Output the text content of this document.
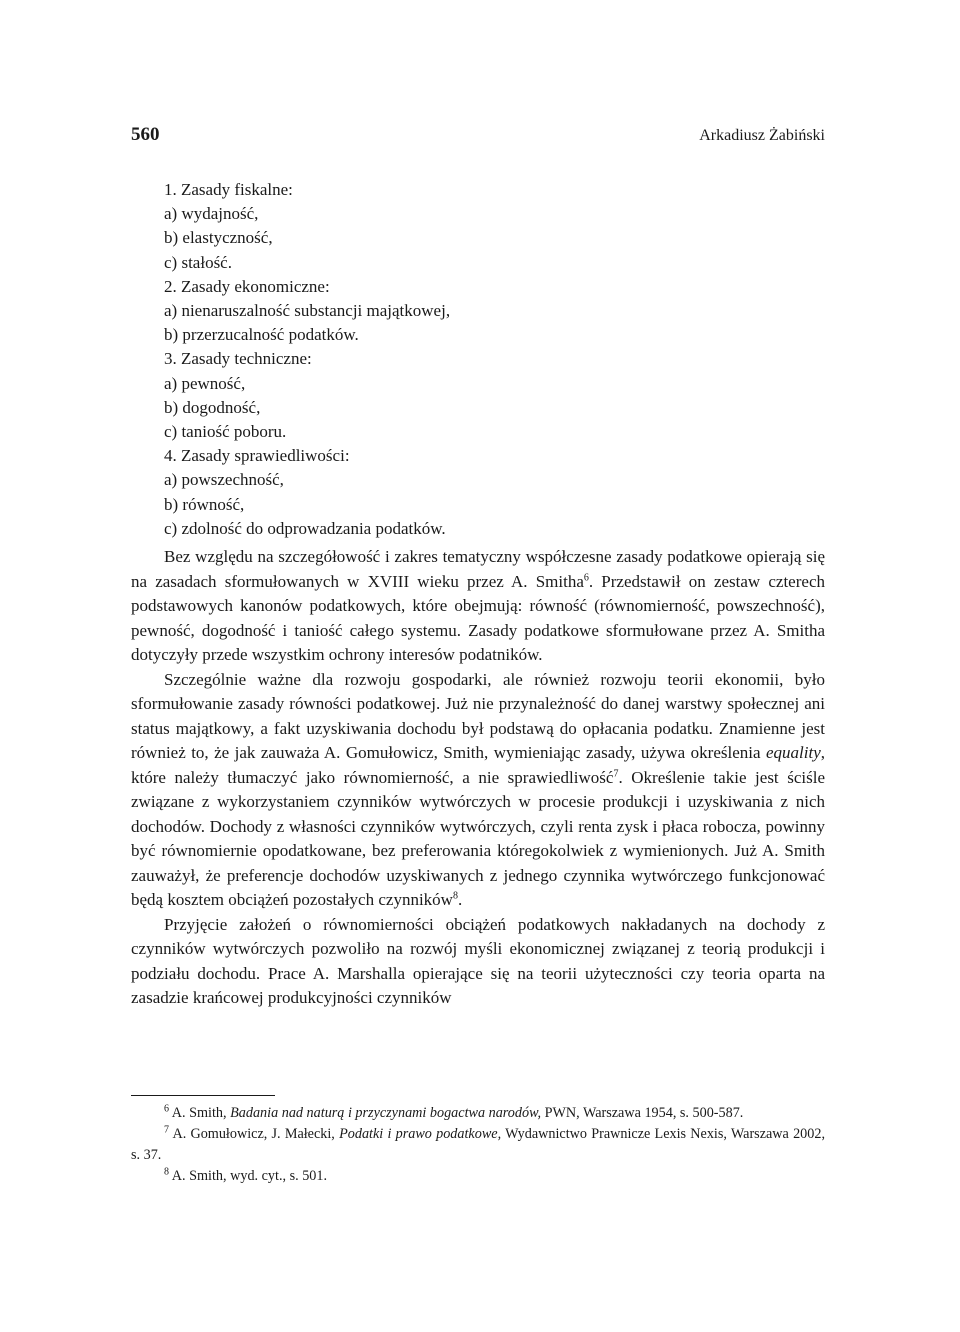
560	Arkadiusz Żabiński
1. Zasady fiskalne:
a) wydajność,
b) elastyczność,
c) stałość.
2. Zasady ekonomiczne:
a) nienaruszalność substancji majątkowej,
b) przerzucalność podatków.
3. Zasady techniczne:
a) pewność,
b) dogodność,
c) taniość poboru.
4. Zasady sprawiedliwości:
a) powszechność,
b) równość,
c) zdolność do odprowadzania podatków.

Bez względu na szczegółowość i zakres tematyczny współczesne zasady podatkowe opierają się na zasadach sformułowanych w XVIII wieku przez A. Smitha$^6$. Przedstawił on zestaw czterech podstawowych kanonów podatkowych, które obejmują: równość (równomierność, powszechność), pewność, dogodność i taniość całego systemu. Zasady podatkowe sformułowane przez A. Smitha dotyczyły przede wszystkim ochrony interesów podatników.

Szczególnie ważne dla rozwoju gospodarki, ale również rozwoju teorii ekonomii, było sformułowanie zasady równości podatkowej. Już nie przynależność do danej warstwy społecznej ani status majątkowy, a fakt uzyskiwania dochodu był podstawą do opłacania podatku. Znamienne jest również to, że jak zauważa A. Gomułowicz, Smith, wymieniając zasady, używa określenia equality, które należy tłumaczyć jako równomierność, a nie sprawiedliwość$^7$. Określenie takie jest ściśle związane z wykorzystaniem czynników wytwórczych w procesie produkcji i uzyskiwania z nich dochodów. Dochody z własności czynników wytwórczych, czyli renta zysk i płaca robocza, powinny być równomiernie opodatkowane, bez preferowania któregokolwiek z wymienionych. Już A. Smith zauważył, że preferencje dochodów uzyskiwanych z jednego czynnika wytwórczego funkcjonować będą kosztem obciążeń pozostałych czynników$^8$.

Przyjęcie założeń o równomierności obciążeń podatkowych nakładanych na dochody z czynników wytwórczych pozwoliło na rozwój myśli ekonomicznej związanej z teorią produkcji i podziału dochodu. Prace A. Marshalla opierające się na teorii użyteczności czy teoria oparta na zasadzie krańcowej produkcyjności czynników

$^6$ A. Smith, Badania nad naturą i przyczynami bogactwa narodów, PWN, Warszawa 1954, s. 500-587.

$^7$ A. Gomułowicz, J. Małecki, Podatki i prawo podatkowe, Wydawnictwo Prawnicze Lexis Nexis, Warszawa 2002, s. 37.

$^8$ A. Smith, wyd. cyt., s. 501.
